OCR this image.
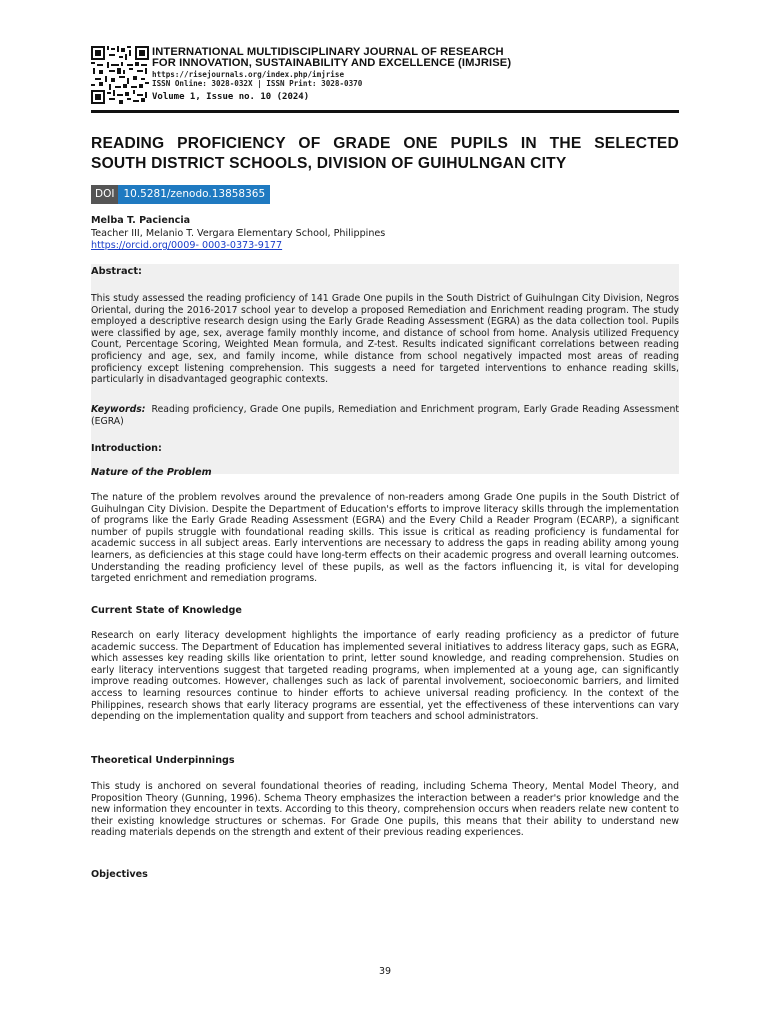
INTERNATIONAL MULTIDISCIPLINARY JOURNAL OF RESEARCH
FOR INNOVATION, SUSTAINABILITY AND EXCELLENCE (IMJRISE)
https://risejournals.org/index.php/imjrise
ISSN Online: 3028-032X | ISSN Print: 3028-0370
Volume 1, Issue no. 10 (2024)
READING PROFICIENCY OF GRADE ONE PUPILS IN THE SELECTED
SOUTH DISTRICT SCHOOLS, DIVISION OF GUIHULNGAN CITY
DOI 10.5281/zenodo.13858365
Melba T. Paciencia
Teacher III, Melanio T. Vergara Elementary School, Philippines
https://orcid.org/0009- 0003-0373-9177
Abstract:
This study assessed the reading proficiency of 141 Grade One pupils in the South District of Guihulngan City Division, Negros Oriental, during the 2016-2017 school year to develop a proposed Remediation and Enrichment reading program. The study employed a descriptive research design using the Early Grade Reading Assessment (EGRA) as the data collection tool. Pupils were classified by age, sex, average family monthly income, and distance of school from home. Analysis utilized Frequency Count, Percentage Scoring, Weighted Mean formula, and Z-test. Results indicated significant correlations between reading proficiency and age, sex, and family income, while distance from school negatively impacted most areas of reading proficiency except listening comprehension. This suggests a need for targeted interventions to enhance reading skills, particularly in disadvantaged geographic contexts.
Keywords: Reading proficiency, Grade One pupils, Remediation and Enrichment program, Early Grade Reading Assessment (EGRA)
Introduction:
Nature of the Problem
The nature of the problem revolves around the prevalence of non-readers among Grade One pupils in the South District of Guihulngan City Division. Despite the Department of Education's efforts to improve literacy skills through the implementation of programs like the Early Grade Reading Assessment (EGRA) and the Every Child a Reader Program (ECARP), a significant number of pupils struggle with foundational reading skills. This issue is critical as reading proficiency is fundamental for academic success in all subject areas. Early interventions are necessary to address the gaps in reading ability among young learners, as deficiencies at this stage could have long-term effects on their academic progress and overall learning outcomes. Understanding the reading proficiency level of these pupils, as well as the factors influencing it, is vital for developing targeted enrichment and remediation programs.
Current State of Knowledge
Research on early literacy development highlights the importance of early reading proficiency as a predictor of future academic success. The Department of Education has implemented several initiatives to address literacy gaps, such as EGRA, which assesses key reading skills like orientation to print, letter sound knowledge, and reading comprehension. Studies on early literacy interventions suggest that targeted reading programs, when implemented at a young age, can significantly improve reading outcomes. However, challenges such as lack of parental involvement, socioeconomic barriers, and limited access to learning resources continue to hinder efforts to achieve universal reading proficiency. In the context of the Philippines, research shows that early literacy programs are essential, yet the effectiveness of these interventions can vary depending on the implementation quality and support from teachers and school administrators.
Theoretical Underpinnings
This study is anchored on several foundational theories of reading, including Schema Theory, Mental Model Theory, and Proposition Theory (Gunning, 1996). Schema Theory emphasizes the interaction between a reader's prior knowledge and the new information they encounter in texts. According to this theory, comprehension occurs when readers relate new content to their existing knowledge structures or schemas. For Grade One pupils, this means that their ability to understand new reading materials depends on the strength and extent of their previous reading experiences.
Objectives
39
